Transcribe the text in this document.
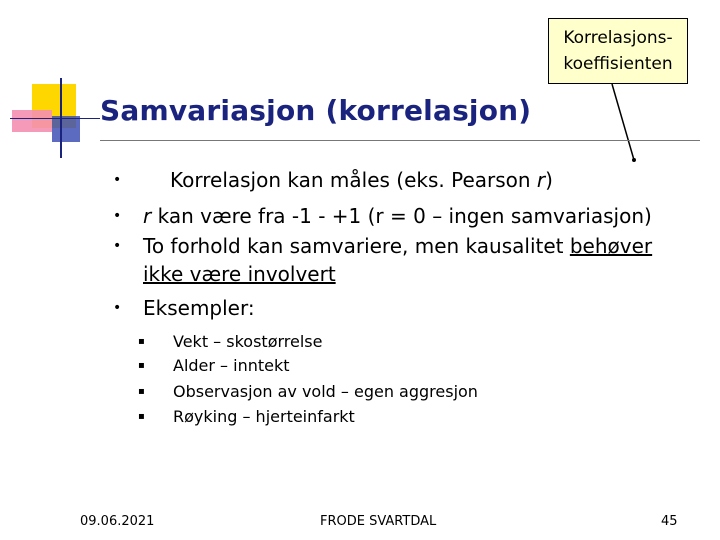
Korrelasjons-
koeffisienten
Samvariasjon (korrelasjon)
• Korrelasjon kan måles (eks. Pearson r)
• r kan være fra -1 - +1 (r = 0 – ingen samvariasjon)
• To forhold kan samvariere, men kausalitet behøver
ikke være involvert
• Eksempler:
▪ Vekt – skostørrelse
▪ Alder – inntekt
▪ Observasjon av vold – egen aggresjon
▪ Røyking – hjerteinfarkt
09.06.2021	FRODE SVARTDAL	45
